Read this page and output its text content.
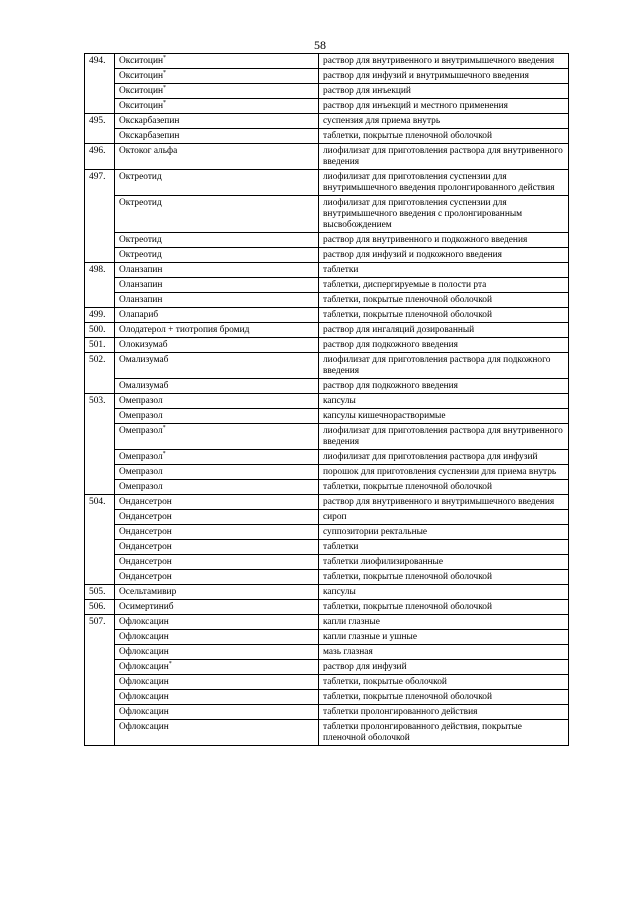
58
494.	Окситоцин*	раствор для внутривенного и внутримышечного введения
	Окситоцин*	раствор для инфузий и внутримышечного введения
	Окситоцин*	раствор для инъекций
	Окситоцин*	раствор для инъекций и местного применения
495.	Окскарбазепин	суспензия для приема внутрь
	Окскарбазепин	таблетки, покрытые пленочной оболочкой
496.	Октоког альфа	лиофилизат для приготовления раствора для внутривенного введения
497.	Октреотид	лиофилизат для приготовления суспензии для внутримышечного введения пролонгированного действия
	Октреотид	лиофилизат для приготовления суспензии для внутримышечного введения с пролонгированным высвобождением
	Октреотид	раствор для внутривенного и подкожного введения
	Октреотид	раствор для инфузий и подкожного введения
498.	Оланзапин	таблетки
	Оланзапин	таблетки, диспергируемые в полости рта
	Оланзапин	таблетки, покрытые пленочной оболочкой
499.	Олапариб	таблетки, покрытые пленочной оболочкой
500.	Олодатерол + тиотропия бромид	раствор для ингаляций дозированный
501.	Олокизумаб	раствор для подкожного введения
502.	Омализумаб	лиофилизат для приготовления раствора для подкожного введения
	Омализумаб	раствор для подкожного введения
503.	Омепразол	капсулы
	Омепразол	капсулы кишечнорастворимые
	Омепразол*	лиофилизат для приготовления раствора для внутривенного введения
	Омепразол*	лиофилизат для приготовления раствора для инфузий
	Омепразол	порошок для приготовления суспензии для приема внутрь
	Омепразол	таблетки, покрытые пленочной оболочкой
504.	Ондансетрон	раствор для внутривенного и внутримышечного введения
	Ондансетрон	сироп
	Ондансетрон	суппозитории ректальные
	Ондансетрон	таблетки
	Ондансетрон	таблетки лиофилизированные
	Ондансетрон	таблетки, покрытые пленочной оболочкой
505.	Осельтамивир	капсулы
506.	Осимертиниб	таблетки, покрытые пленочной оболочкой
507.	Офлоксацин	капли глазные
	Офлоксацин	капли глазные и ушные
	Офлоксацин	мазь глазная
	Офлоксацин*	раствор для инфузий
	Офлоксацин	таблетки, покрытые оболочкой
	Офлоксацин	таблетки, покрытые пленочной оболочкой
	Офлоксацин	таблетки пролонгированного действия
	Офлоксацин	таблетки пролонгированного действия, покрытые пленочной оболочкой
